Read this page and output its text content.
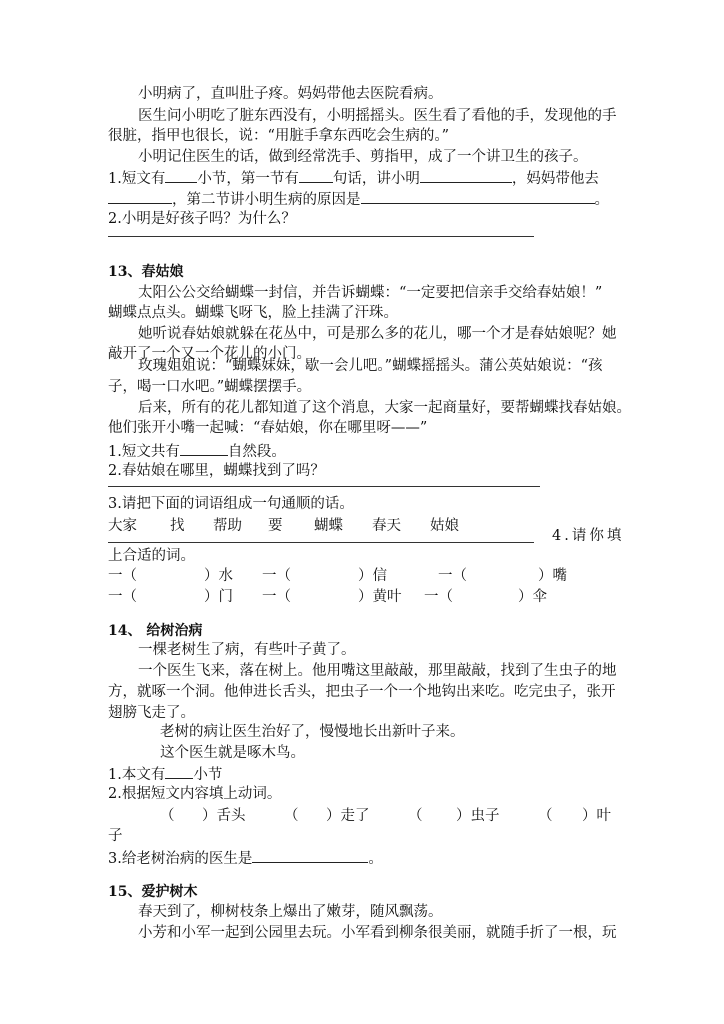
小明病了，直叫肚子疼。妈妈带他去医院看病。
医生问小明吃了脏东西没有，小明摇摇头。医生看了看他的手，发现他的手
很脏，指甲也很长，说：“用脏手拿东西吃会生病的。”
小明记住医生的话，做到经常洗手、剪指甲，成了一个讲卫生的孩子。
1.短文有 小节，第一节有 句话，讲小明	，妈妈带他去
，第二节讲小明生病的原因是	。
2.小明是好孩子吗？为什么？
13、春姑娘
太阳公公交给蝴蝶一封信，并告诉蝴蝶：“一定要把信亲手交给春姑娘！”
蝴蝶点点头。蝴蝶飞呀飞，脸上挂满了汗珠。
她听说春姑娘就躲在花丛中，可是那么多的花儿，哪一个才是春姑娘呢？她
敲开了一个又一个花儿的小门。
玫瑰姐姐说：“蝴蝶妹妹，歇一会儿吧。”蝴蝶摇摇头。蒲公英姑娘说：“孩
子，喝一口水吧。”蝴蝶摆摆手。
后来，所有的花儿都知道了这个消息，大家一起商量好，要帮蝴蝶找春姑娘。
他们张开小嘴一起喊：“春姑娘，你在哪里呀——”
1.短文共有	自然段。
2.春姑娘在哪里，蝴蝶找到了吗？
3.请把下面的词语组成一句通顺的话。
大家 找 帮助 要 蝴蝶 春天 姑娘
4.请你填
上合适的词。
一（	）水 一（	）信	一（	）嘴
一（	）门 一（	）黄叶 一（	）伞
14、 给树治病
一棵老树生了病，有些叶子黄了。
一个医生飞来，落在树上。他用嘴这里敲敲，那里敲敲，找到了生虫子的地
方，就啄一个洞。他伸进长舌头，把虫子一个一个地钩出来吃。吃完虫子，张开
翅膀飞走了。
老树的病让医生治好了，慢慢地长出新叶子来。
这个医生就是啄木鸟。
1.本文有 小节
2.根据短文内容填上动词。
（ ）舌头	（ ）走了	（ ）虫子	（ ）叶
子
3.给老树治病的医生是	。
15、爱护树木
春天到了，柳树枝条上爆出了嫩芽，随风飘荡。
小芳和小军一起到公园里去玩。小军看到柳条很美丽，就随手折了一根，玩
